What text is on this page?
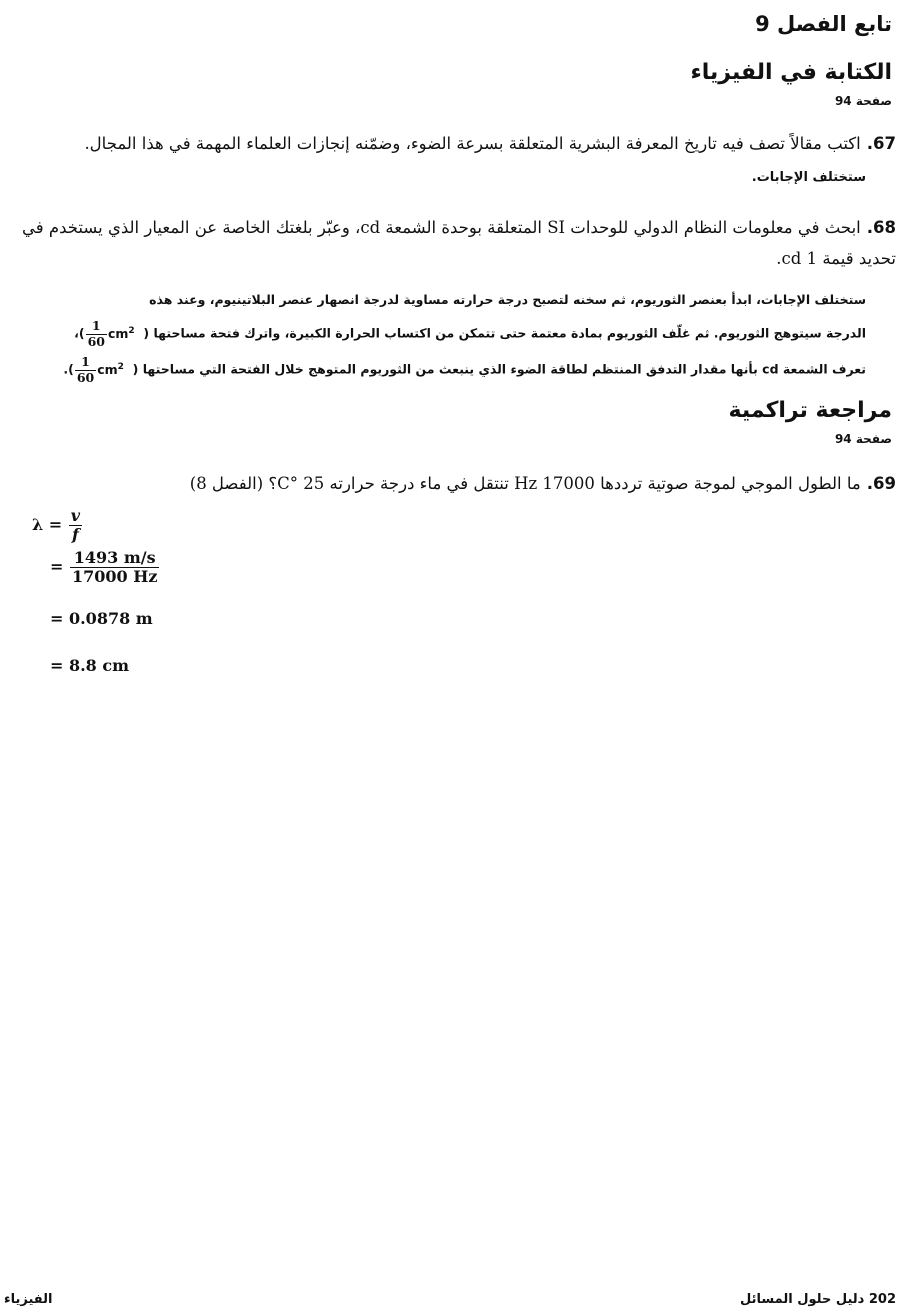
تابع الفصل 9
الكتابة في الفيزياء
صفحة 94
67.اكتب مقالاً تصف فيه تاريخ المعرفة البشرية المتعلقة بسرعة الضوء، وضمّنه إنجازات العلماء المهمة في هذا المجال.
ستختلف الإجابات.
68.ابحث في معلومات النظام الدولي للوحدات SI المتعلقة بوحدة الشمعة cd، وعبّر بلغتك الخاصة عن المعيار الذي يستخدم في تحديد قيمة 1 cd.
ستختلف الإجابات، ابدأ بعنصر الثوريوم، ثم سخنه لتصبح درجة حرارته مساوية لدرجة انصهار عنصر البلاتينيوم، وعند هذه
الدرجة سيتوهج الثوريوم. ثم غلّف الثوريوم بمادة معتمة حتى تتمكن من اكتساب الحرارة الكبيرة، واترك فتحة مساحتها (
$\frac{1}{60} cm^2$ )،
تعرف الشمعة cd بأنها مقدار التدفق المنتظم لطاقة الضوء الذي ينبعث من الثوريوم المتوهج خلال الفتحة التي مساحتها (
$\frac{1}{60} cm^2$ ).
مراجعة تراكمية
صفحة 94
69.ما الطول الموجي لموجة صوتية ترددها 17000 Hz تنتقل في ماء درجة حرارته 25 °C؟ (الفصل 8)
$\lambda = \frac{v}{f}$
= $\frac{1493 m/s}{17000 Hz}$
= 0.0878 m
= 8.8 cm
202 دليل حلول المسائل
الفيزياء
